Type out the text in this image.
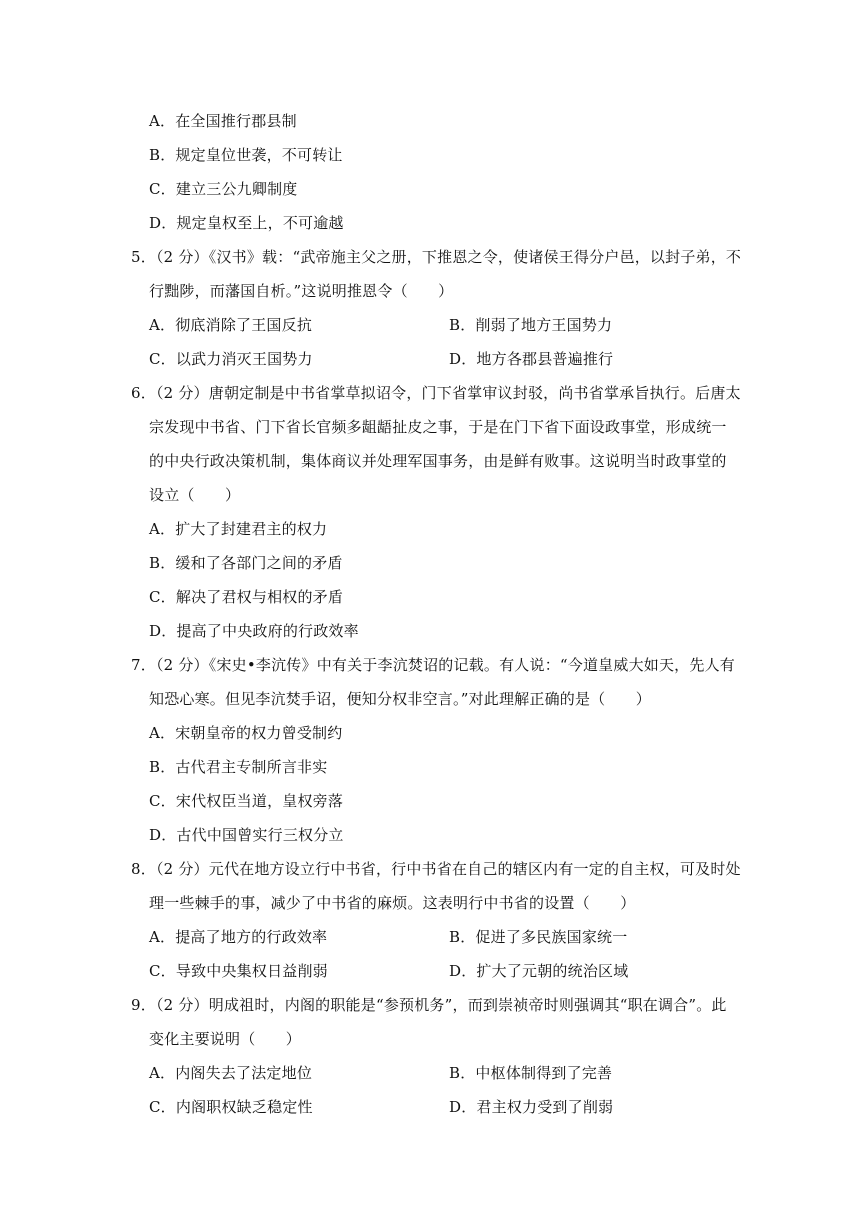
A．在全国推行郡县制
B．规定皇位世袭，不可转让
C．建立三公九卿制度
D．规定皇权至上，不可逾越
5．（2 分）《汉书》载：“武帝施主父之册，下推恩之令，使诸侯王得分户邑，以封子弟，不
行黜陟，而藩国自析。”这说明推恩令（　　）
A．彻底消除了王国反抗	B．削弱了地方王国势力
C．以武力消灭王国势力	D．地方各郡县普遍推行
6．（2 分）唐朝定制是中书省掌草拟诏令，门下省掌审议封驳，尚书省掌承旨执行。后唐太
宗发现中书省、门下省长官频多龃龉扯皮之事，于是在门下省下面设政事堂，形成统一
的中央行政决策机制，集体商议并处理军国事务，由是鲜有败事。这说明当时政事堂的
设立（　　）
A．扩大了封建君主的权力
B．缓和了各部门之间的矛盾
C．解决了君权与相权的矛盾
D．提高了中央政府的行政效率
7．（2 分）《宋史•李沆传》中有关于李沆焚诏的记载。有人说：“今道皇威大如天，先人有
知恐心寒。但见李沆焚手诏，便知分权非空言。”对此理解正确的是（　　）
A．宋朝皇帝的权力曾受制约
B．古代君主专制所言非实
C．宋代权臣当道，皇权旁落
D．古代中国曾实行三权分立
8．（2 分）元代在地方设立行中书省，行中书省在自己的辖区内有一定的自主权，可及时处
理一些棘手的事，减少了中书省的麻烦。这表明行中书省的设置（　　）
A．提高了地方的行政效率	B．促进了多民族国家统一
C．导致中央集权日益削弱	D．扩大了元朝的统治区域
9．（2 分）明成祖时，内阁的职能是“参预机务”，而到崇祯帝时则强调其“职在调合”。此
变化主要说明（　　）
A．内阁失去了法定地位	B．中枢体制得到了完善
C．内阁职权缺乏稳定性	D．君主权力受到了削弱
